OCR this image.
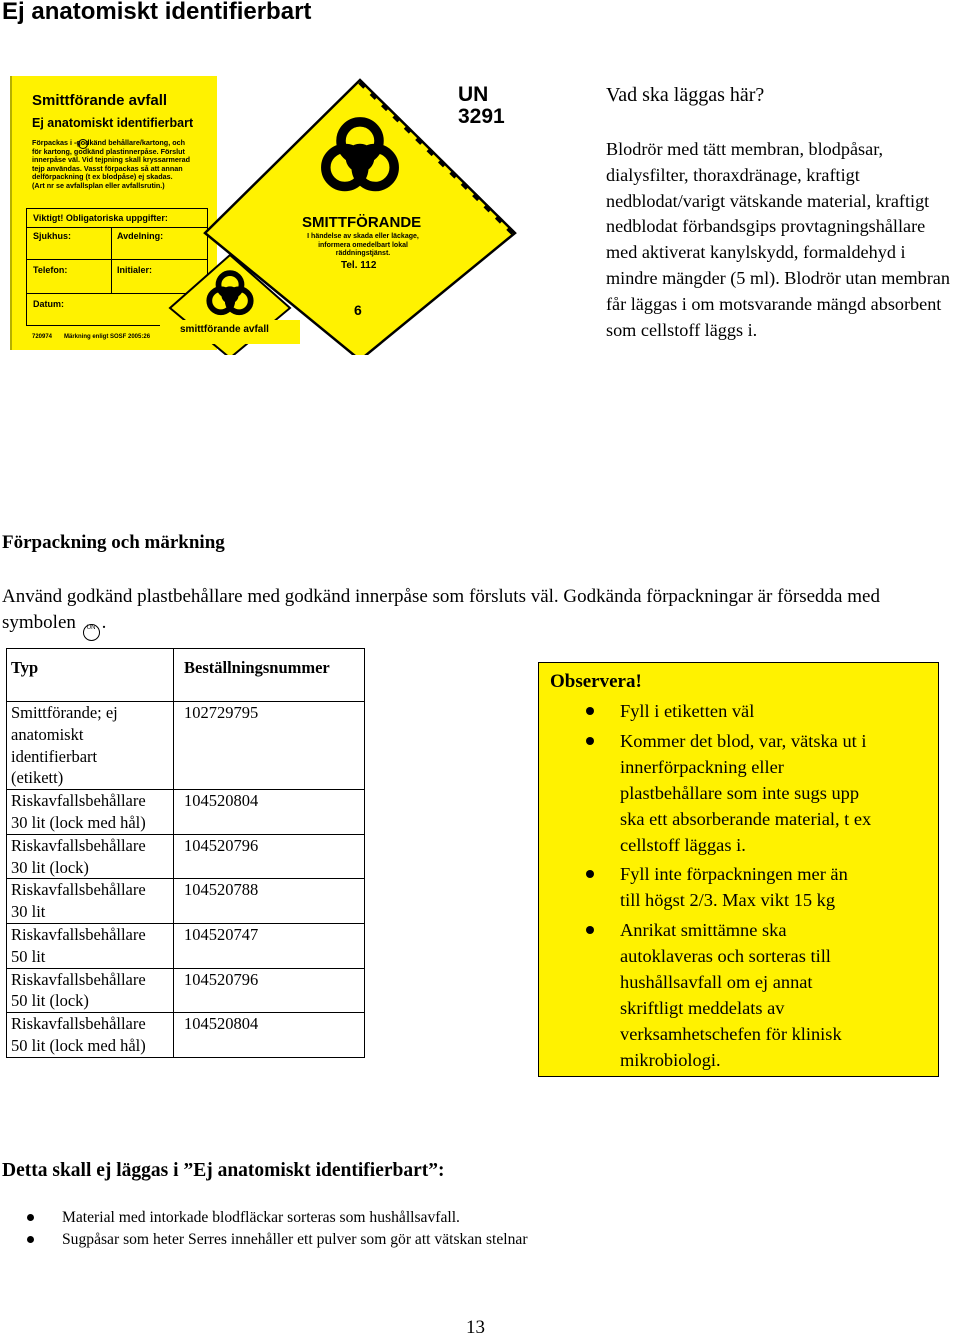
Ej anatomiskt identifierbart
Smittförande avfall
Ej anatomiskt identifierbart
Förpackas i -godkänd behållare/kartong, och
för kartong, godkänd plastinnerpåse. Förslut
innerpåse väl. Vid tejpning skall kryssarmerad
tejp användas. Vasst förpackas så att annan
delförpackning (t ex blodpåse) ej skadas.
(Art nr se avfallsplan eller avfallsrutin.)
Viktigt! Obligatoriska uppgifter:
Sjukhus:	Avdelning:
Telefon:	Initialer:
Datum:
720974 Märkning enligt SOSF 2005:26
UN
3291
SMITTFÖRANDE
I händelse av skada eller läckage,
informera omedelbart lokal
räddningstjänst.
Tel. 112
6
smittförande avfall

Vad ska läggas här?

Blodrör med tätt membran, blodpåsar, dialysfilter, thoraxdränage, kraftigt nedblodat/varigt vätskande material, kraftigt nedblodat förbandsgips provtagningshållare med aktiverat kanylskydd, formaldehyd i mindre mängder (5 ml). Blodrör utan membran får läggas i om motsvarande mängd absorbent som cellstoff läggs i.

Förpackning och märkning
Använd godkänd plastbehållare med godkänd innerpåse som försluts väl. Godkända förpackningar är försedda med symbolen UN .
Typ	Beställningsnummer

Smittförande; ej
anatomiskt
identifierbart
(etikett)	102729795

Riskavfallsbehållare
30 lit (lock med hål)	104520804

Riskavfallsbehållare
30 lit (lock)	104520796

Riskavfallsbehållare
30 lit	104520788

Riskavfallsbehållare
50 lit	104520747

Riskavfallsbehållare
50 lit (lock)	104520796

Riskavfallsbehållare
50 lit (lock med hål)	104520804
Observera!
Fyll i etiketten väl
Kommer det blod, var, vätska ut i
innerförpackning eller
plastbehållare som inte sugs upp
ska ett absorberande material, t ex
cellstoff läggas i.
Fyll inte förpackningen mer än
till högst 2/3. Max vikt 15 kg
Anrikat smittämne ska
autoklaveras och sorteras till
hushållsavfall om ej annat
skriftligt meddelats av
verksamhetschefen för klinisk
mikrobiologi.
Detta skall ej läggas i ”Ej anatomiskt identifierbart”:
Material med intorkade blodfläckar sorteras som hushållsavfall.
Sugpåsar som heter Serres innehåller ett pulver som gör att vätskan stelnar
13
